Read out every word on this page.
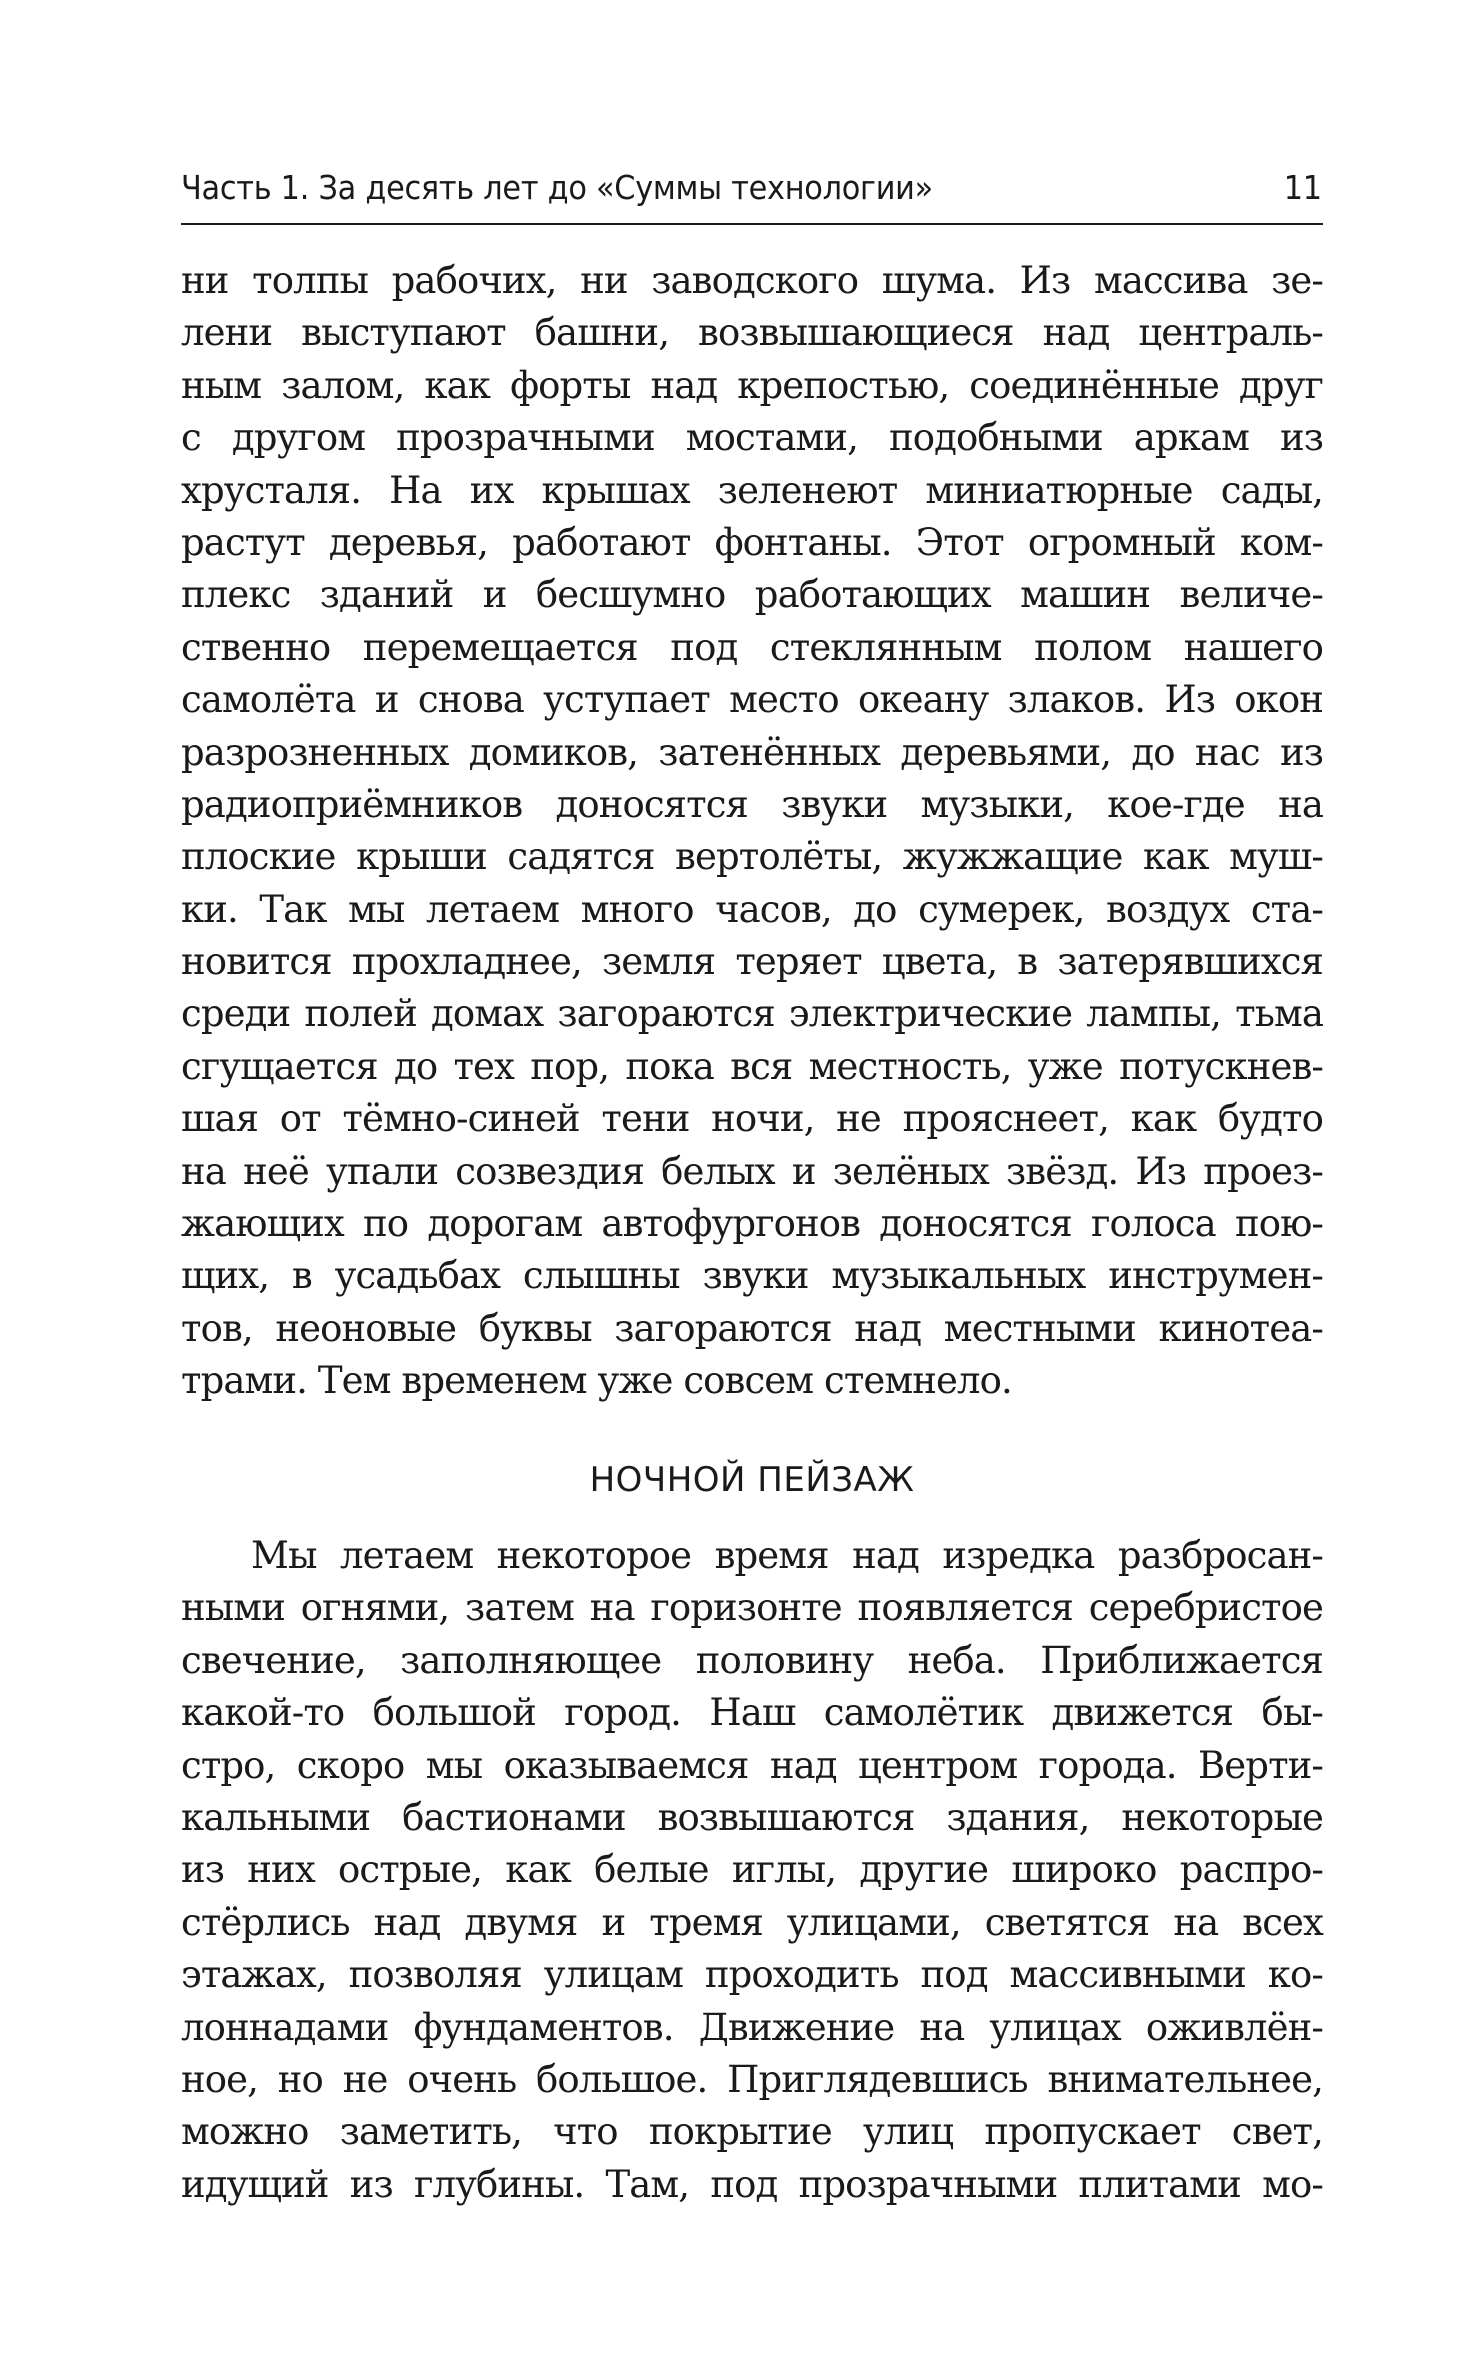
Часть 1. За десять лет до «Суммы технологии»	11
ни толпы рабочих, ни заводского шума. Из массива зе-
лени выступают башни, возвышающиеся над централь-
ным залом, как форты над крепостью, соединённые друг
с другом прозрачными мостами, подобными аркам из
хрусталя. На их крышах зеленеют миниатюрные сады,
растут деревья, работают фонтаны. Этот огромный ком-
плекс зданий и бесшумно работающих машин величе-
ственно перемещается под стеклянным полом нашего
самолёта и снова уступает место океану злаков. Из окон
разрозненных домиков, затенённых деревьями, до нас из
радиоприёмников доносятся звуки музыки, кое-где на
плоские крыши садятся вертолёты, жужжащие как муш-
ки. Так мы летаем много часов, до сумерек, воздух ста-
новится прохладнее, земля теряет цвета, в затерявшихся
среди полей домах загораются электрические лампы, тьма
сгущается до тех пор, пока вся местность, уже потускнев-
шая от тёмно-синей тени ночи, не прояснеет, как будто
на неё упали созвездия белых и зелёных звёзд. Из проез-
жающих по дорогам автофургонов доносятся голоса пою-
щих, в усадьбах слышны звуки музыкальных инструмен-
тов, неоновые буквы загораются над местными кинотеа-
трами. Тем временем уже совсем стемнело.
НОЧНОЙ ПЕЙЗАЖ
Мы летаем некоторое время над изредка разбросан-
ными огнями, затем на горизонте появляется серебристое
свечение, заполняющее половину неба. Приближается
какой-то большой город. Наш самолётик движется бы-
стро, скоро мы оказываемся над центром города. Верти-
кальными бастионами возвышаются здания, некоторые
из них острые, как белые иглы, другие широко распро-
стёрлись над двумя и тремя улицами, светятся на всех
этажах, позволяя улицам проходить под массивными ко-
лоннадами фундаментов. Движение на улицах оживлён-
ное, но не очень большое. Приглядевшись внимательнее,
можно заметить, что покрытие улиц пропускает свет,
идущий из глубины. Там, под прозрачными плитами мо-
